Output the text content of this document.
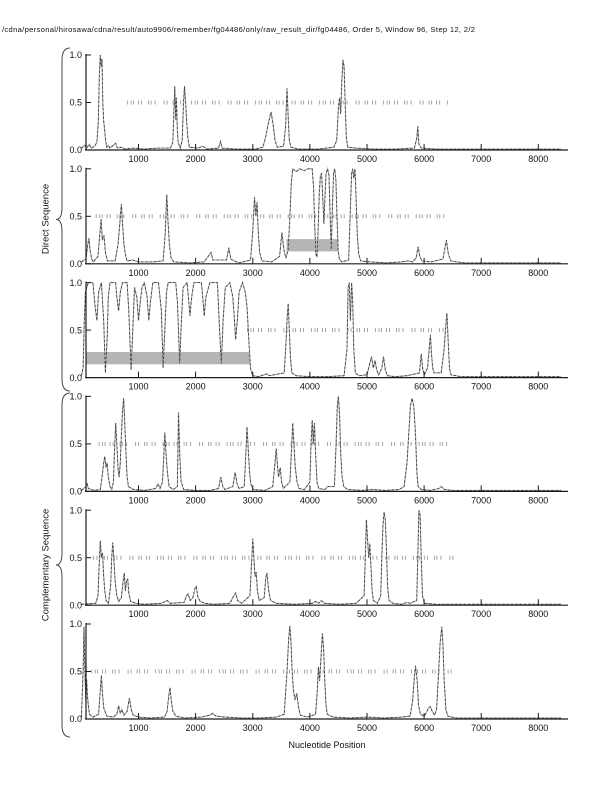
/cdna/personal/hirosawa/cdna/result/auto9906/remember/fg04486/only/raw_result_dir/fg04486, Order 5, Window 96, Step 12, 2/2
Direct Sequence
Complementary Sequence
0.0
0.5
1.0
1000	2000	3000	4000	5000	6000	7000	8000
0.0
0.5
1.0
1000	2000	3000	4000	5000	6000	7000	8000
0.0
0.5
1.0
1000	2000	3000	4000	5000	6000	7000	8000
0.0
0.5
1.0
1000	2000	3000	4000	5000	6000	7000	8000
0.0
0.5
1.0
1000	2000	3000	4000	5000	6000	7000	8000
0.0
0.5
1.0
1000	2000	3000	4000	5000	6000	7000	8000
Nucleotide Position
